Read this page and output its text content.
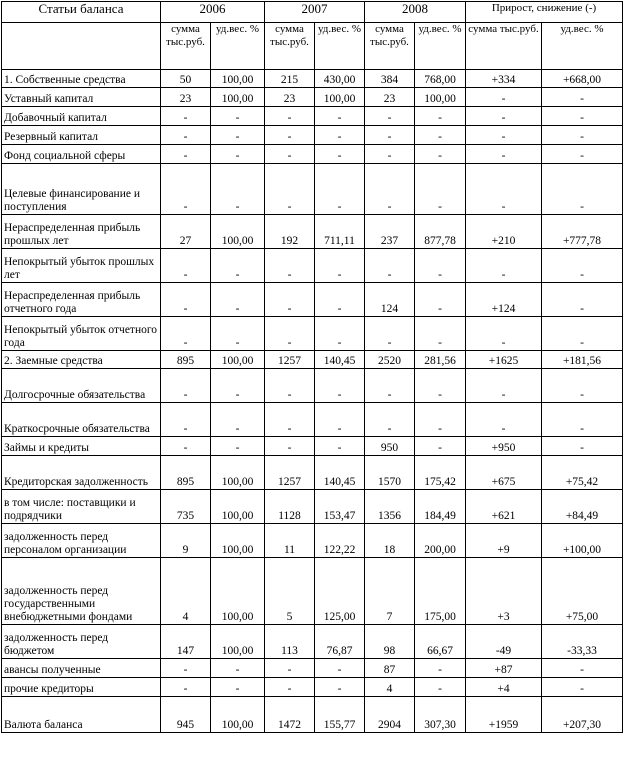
Статьи баланса	2006		2007		2008		Прирост, снижение (-)	
	сумма тыс.руб.	уд.вес. %	сумма тыс.руб.	уд.вес. %	сумма тыс.руб.	уд.вес. %	сумма тыс.руб.	уд.вес. %
1. Собственные средства	50	100,00	215	430,00	384	768,00	+334	+668,00
Уставный капитал	23	100,00	23	100,00	23	100,00	-	-
Добавочный капитал	-	-	-	-	-	-	-	-
Резервный капитал	-	-	-	-	-	-	-	-
Фонд социальной сферы	-	-	-	-	-	-	-	-
Целевые финансирование и поступления	-	-	-	-	-	-	-	-
Нераспределенная прибыль прошлых лет	27	100,00	192	711,11	237	877,78	+210	+777,78
Непокрытый убыток прошлых лет	-	-	-	-	-	-	-	-
Нераспределенная прибыль отчетного года	-	-	-	-	124	-	+124	-
Непокрытый убыток отчетного года	-	-	-	-	-	-	-	-
2. Заемные средства	895	100,00	1257	140,45	2520	281,56	+1625	+181,56
Долгосрочные обязательства	-	-	-	-	-	-	-	-
Краткосрочные обязательства	-	-	-	-	-	-	-	-
Займы и кредиты	-	-	-	-	950	-	+950	-
Кредиторская задолженность	895	100,00	1257	140,45	1570	175,42	+675	+75,42
в том числе: поставщики и подрядчики	735	100,00	1128	153,47	1356	184,49	+621	+84,49
задолженность перед персоналом организации	9	100,00	11	122,22	18	200,00	+9	+100,00
задолженность перед государственными внебюджетными фондами	4	100,00	5	125,00	7	175,00	+3	+75,00
задолженность перед бюджетом	147	100,00	113	76,87	98	66,67	-49	-33,33
авансы полученные	-	-	-	-	87	-	+87	-
прочие кредиторы	-	-	-	-	4	-	+4	-
Валюта баланса	945	100,00	1472	155,77	2904	307,30	+1959	+207,30
